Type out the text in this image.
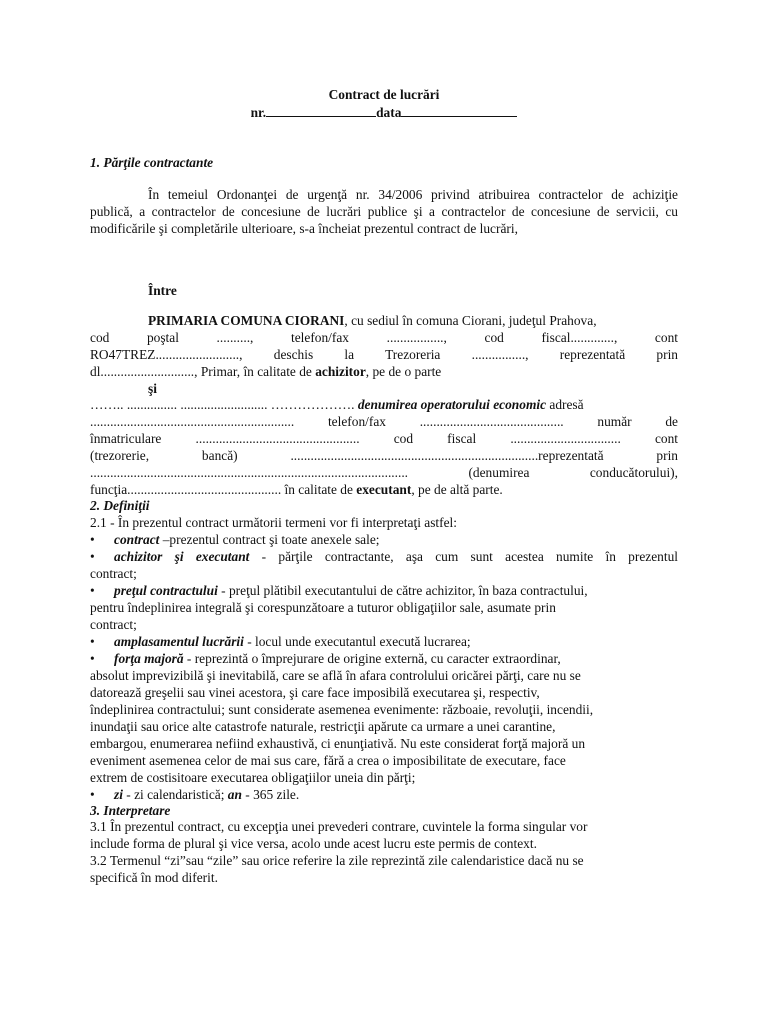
Contract de lucrări
nr.	data
1. Părţile contractante
În temeiul Ordonanţei de urgenţă nr. 34/2006 privind atribuirea contractelor de achiziţie
publică, a contractelor de concesiune de lucrări publice şi a contractelor de concesiune de servicii, cu
modificările şi completările ulterioare, s-a încheiat prezentul contract de lucrări,
Între
PRIMARIA COMUNA CIORANI, cu sediul în comuna Ciorani, judeţul Prahova,
cod poştal .........., telefon/fax ................., cod fiscal............., cont
RO47TREZ........................., deschis la Trezoreria ................, reprezentată prin
dl............................, Primar, în calitate de achizitor, pe de o parte
şi
…….. ............... .......................... ………………. denumirea operatorului economic adresă
............................................................. telefon/fax ........................................... număr de
înmatriculare ................................................. cod fiscal ................................. cont
(trezorerie, bancă) ..........................................................................reprezentată prin
............................................................................................... (denumirea conducătorului),
funcţia.............................................. în calitate de executant, pe de altă parte.
2. Definiţii
2.1 - În prezentul contract următorii termeni vor fi interpretaţi astfel:
• contract –prezentul contract şi toate anexele sale;
• achizitor şi executant - părţile contractante, aşa cum sunt acestea numite în prezentul
contract;
• preţul contractului - preţul plătibil executantului de către achizitor, în baza contractului,
pentru îndeplinirea integrală şi corespunzătoare a tuturor obligaţiilor sale, asumate prin
contract;
• amplasamentul lucrării - locul unde executantul execută lucrarea;
• forţa majoră - reprezintă o împrejurare de origine externă, cu caracter extraordinar,
absolut imprevizibilă şi inevitabilă, care se află în afara controlului oricărei părţi, care nu se
datorează greşelii sau vinei acestora, şi care face imposibilă executarea şi, respectiv,
îndeplinirea contractului; sunt considerate asemenea evenimente: războaie, revoluţii, incendii,
inundaţii sau orice alte catastrofe naturale, restricţii apărute ca urmare a unei carantine,
embargou, enumerarea nefiind exhaustivă, ci enunţiativă. Nu este considerat forţă majoră un
eveniment asemenea celor de mai sus care, fără a crea o imposibilitate de executare, face
extrem de costisitoare executarea obligaţiilor uneia din părţi;
• zi - zi calendaristică; an - 365 zile.
3. Interpretare
3.1 În prezentul contract, cu excepţia unei prevederi contrare, cuvintele la forma singular vor
include forma de plural şi vice versa, acolo unde acest lucru este permis de context.
3.2 Termenul “zi”sau “zile” sau orice referire la zile reprezintă zile calendaristice dacă nu se
specifică în mod diferit.
